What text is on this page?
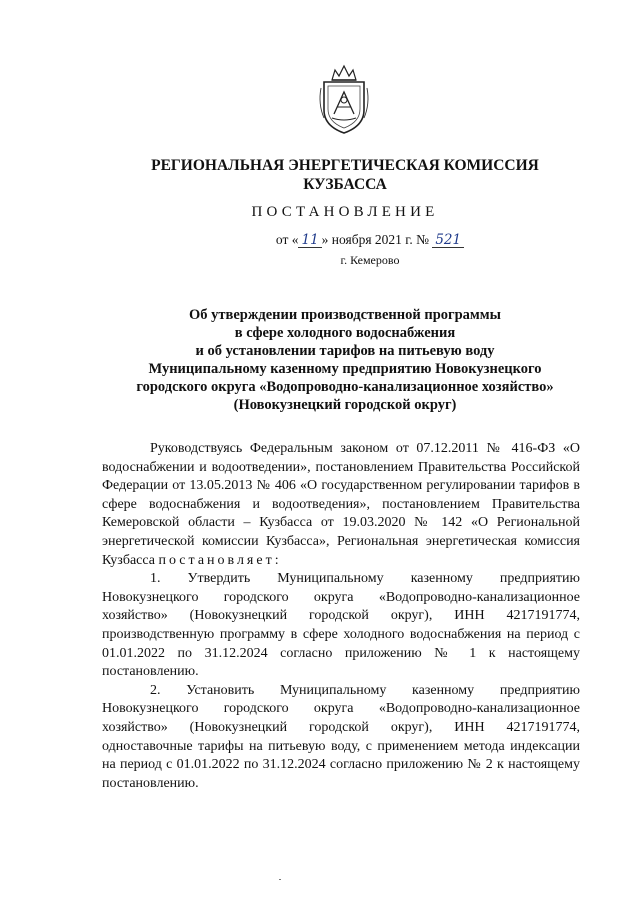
РЕГИОНАЛЬНАЯ ЭНЕРГЕТИЧЕСКАЯ КОМИССИЯ
КУЗБАССА
ПОСТАНОВЛЕНИЕ
от « 11 » ноября 2021 г. № 521
г. Кемерово
Об утверждении производственной программы
в сфере холодного водоснабжения
и об установлении тарифов на питьевую воду
Муниципальному казенному предприятию Новокузнецкого
городского округа «Водопроводно-канализационное хозяйство»
(Новокузнецкий городской округ)

Руководствуясь Федеральным законом от 07.12.2011 № 416-ФЗ «О водоснабжении и водоотведении», постановлением Правительства Российской Федерации от 13.05.2013 № 406 «О государственном регулировании тарифов в сфере водоснабжения и водоотведения», постановлением Правительства Кемеровской области – Кузбасса от 19.03.2020 № 142 «О Региональной энергетической комиссии Кузбасса», Региональная энергетическая комиссия Кузбасса постановляет:

1. Утвердить Муниципальному казенному предприятию Новокузнецкого городского округа «Водопроводно-канализационное хозяйство» (Новокузнецкий городской округ), ИНН 4217191774, производственную программу в сфере холодного водоснабжения на период с 01.01.2022 по 31.12.2024 согласно приложению № 1 к настоящему постановлению.

2. Установить Муниципальному казенному предприятию Новокузнецкого городского округа «Водопроводно-канализационное хозяйство» (Новокузнецкий городской округ), ИНН 4217191774, одноставочные тарифы на питьевую воду, с применением метода индексации на период с 01.01.2022 по 31.12.2024 согласно приложению № 2 к настоящему постановлению.
